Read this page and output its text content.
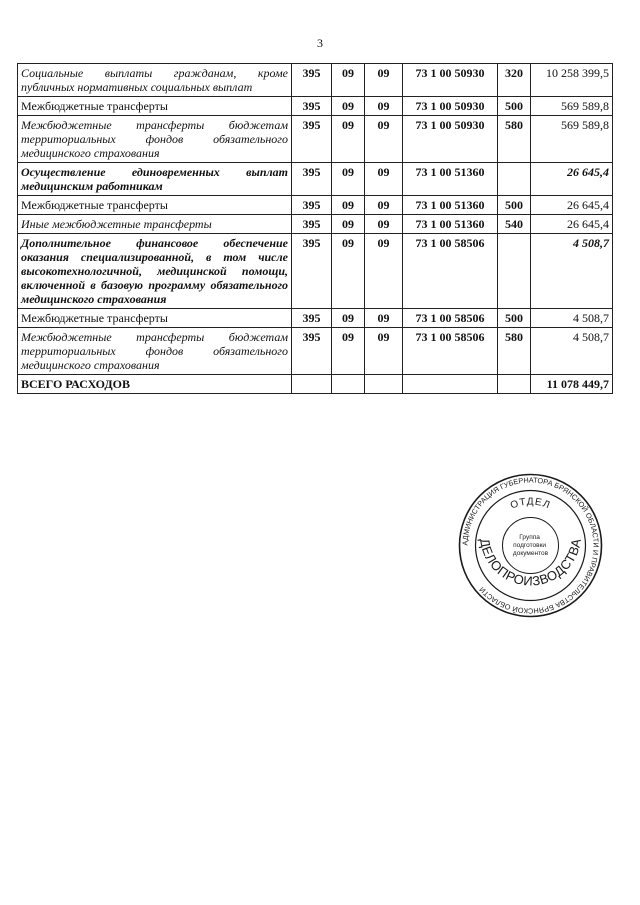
3
Социальные выплаты гражданам, кроме публичных нормативных социальных выплат	395	09	09	73 1 00 50930	320	10 258 399,5
Межбюджетные трансферты	395	09	09	73 1 00 50930	500	569 589,8
Межбюджетные трансферты бюджетам территориальных фондов обязательного медицинского страхования	395	09	09	73 1 00 50930	580	569 589,8
Осуществление единовременных выплат медицинским работникам	395	09	09	73 1 00 51360		26 645,4
Межбюджетные трансферты	395	09	09	73 1 00 51360	500	26 645,4
Иные межбюджетные трансферты	395	09	09	73 1 00 51360	540	26 645,4
Дополнительное финансовое обеспечение оказания специализированной, в том числе высокотехнологичной, медицинской помощи, включенной в базовую программу обязательного медицинского страхования	395	09	09	73 1 00 58506		4 508,7
Межбюджетные трансферты	395	09	09	73 1 00 58506	500	4 508,7
Межбюджетные трансферты бюджетам территориальных фондов обязательного медицинского страхования	395	09	09	73 1 00 58506	580	4 508,7
ВСЕГО РАСХОДОВ						11 078 449,7
АДМИНИСТРАЦИЯ ГУБЕРНАТОРА БРЯНСКОЙ ОБЛАСТИ И ПРАВИТЕЛЬСТВА БРЯНСКОЙ ОБЛАСТИ
ОТДЕЛ
ДЕЛОПРОИЗВОДСТВА
Группа подготовки документов
